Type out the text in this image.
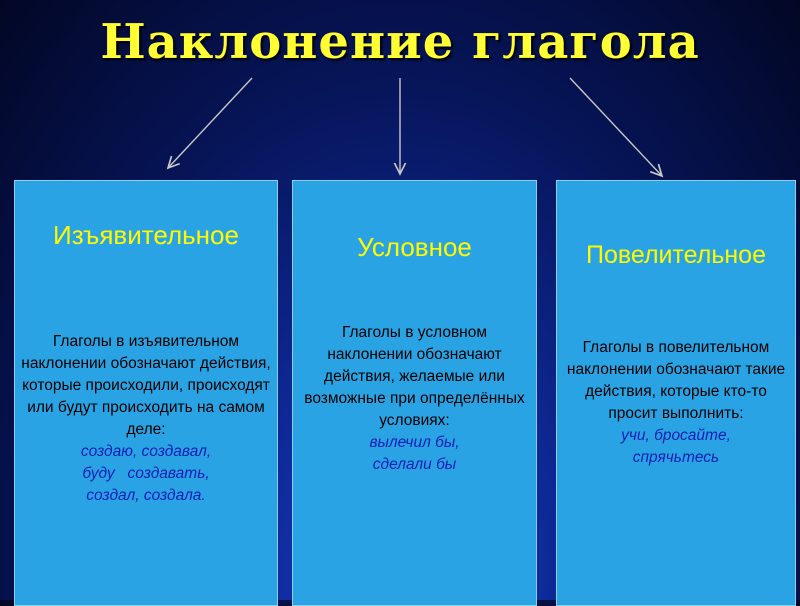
Наклонение глагола
Изъявительное
Глаголы в изъявительном наклонении обозначают действия, которые происходили, происходят или будут происходить на самом деле:
создаю, создавал,
буду   создавать,
создал, создала.
Условное
Глаголы в условном наклонении обозначают действия, желаемые или возможные при определённых условиях:
вылечил бы,
сделали бы
Повелительное
Глаголы в повелительном наклонении обозначают такие действия, которые кто-то просит выполнить:
учи, бросайте,
спрячьтесь
